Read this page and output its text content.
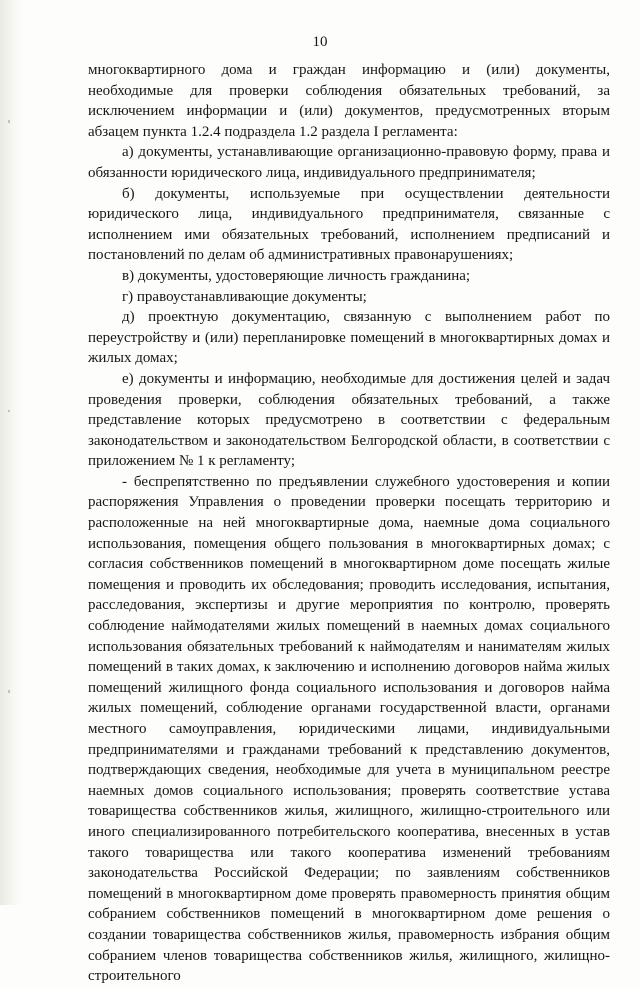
10

многоквартирного дома и граждан информацию и (или) документы, необходимые для проверки соблюдения обязательных требований, за исключением информации и (или) документов, предусмотренных вторым абзацем пункта 1.2.4 подраздела 1.2 раздела I регламента:

а) документы, устанавливающие организационно-правовую форму, права и обязанности юридического лица, индивидуального предпринимателя;

б) документы, используемые при осуществлении деятельности юридического лица, индивидуального предпринимателя, связанные с исполнением ими обязательных требований, исполнением предписаний и постановлений по делам об административных правонарушениях;

в) документы, удостоверяющие личность гражданина;

г) правоустанавливающие документы;

д) проектную документацию, связанную с выполнением работ по переустройству и (или) перепланировке помещений в многоквартирных домах и жилых домах;

е) документы и информацию, необходимые для достижения целей и задач проведения проверки, соблюдения обязательных требований, а также представление которых предусмотрено в соответствии с федеральным законодательством и законодательством Белгородской области, в соответствии с приложением № 1 к регламенту;

- беспрепятственно по предъявлении служебного удостоверения и копии распоряжения Управления о проведении проверки посещать территорию и расположенные на ней многоквартирные дома, наемные дома социального использования, помещения общего пользования в многоквартирных домах; с согласия собственников помещений в многоквартирном доме посещать жилые помещения и проводить их обследования; проводить исследования, испытания, расследования, экспертизы и другие мероприятия по контролю, проверять соблюдение наймодателями жилых помещений в наемных домах социального использования обязательных требований к наймодателям и нанимателям жилых помещений в таких домах, к заключению и исполнению договоров найма жилых помещений жилищного фонда социального использования и договоров найма жилых помещений, соблюдение органами государственной власти, органами местного самоуправления, юридическими лицами, индивидуальными предпринимателями и гражданами требований к представлению документов, подтверждающих сведения, необходимые для учета в муниципальном реестре наемных домов социального использования; проверять соответствие устава товарищества собственников жилья, жилищного, жилищно-строительного или иного специализированного потребительского кооператива, внесенных в устав такого товарищества или такого кооператива изменений требованиям законодательства Российской Федерации; по заявлениям собственников помещений в многоквартирном доме проверять правомерность принятия общим собранием собственников помещений в многоквартирном доме решения о создании товарищества собственников жилья, правомерность избрания общим собранием членов товарищества собственников жилья, жилищного, жилищно-строительного
